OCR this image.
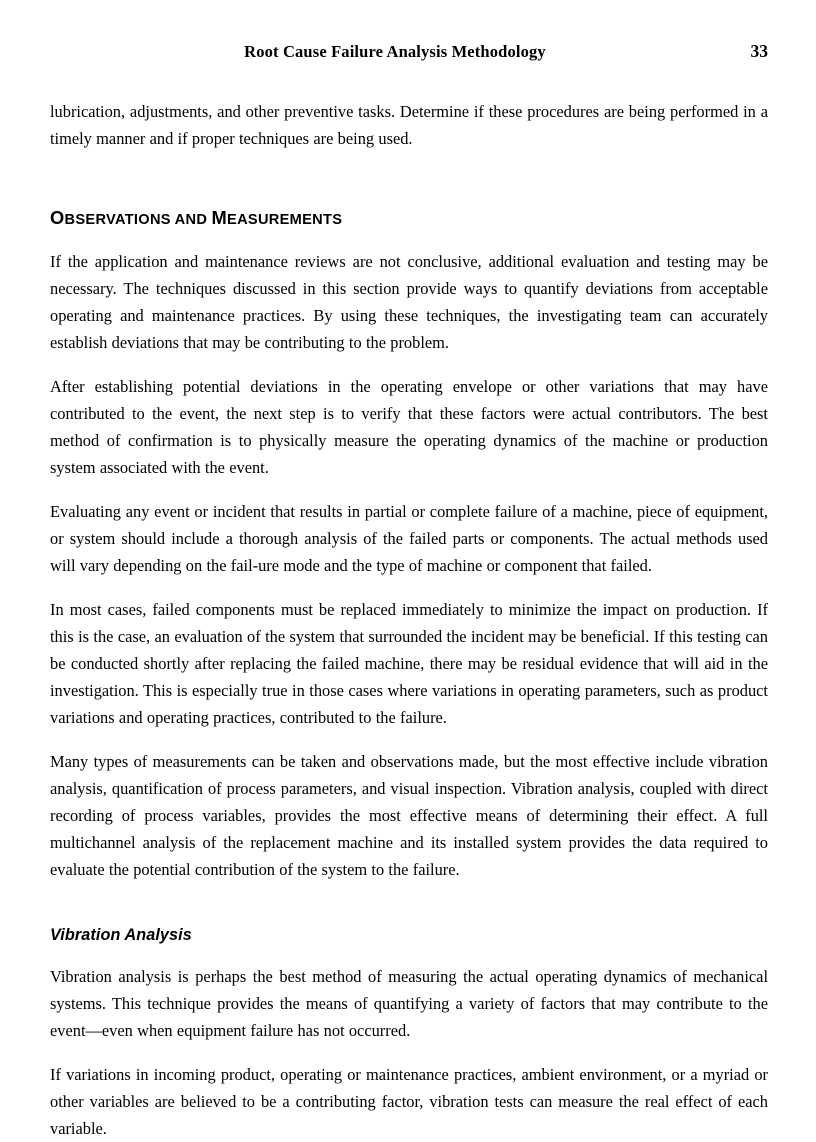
Root Cause Failure Analysis Methodology	33

lubrication, adjustments, and other preventive tasks. Determine if these procedures are being performed in a timely manner and if proper techniques are being used.

OBSERVATIONS AND MEASUREMENTS

If the application and maintenance reviews are not conclusive, additional evaluation and testing may be necessary. The techniques discussed in this section provide ways to quantify deviations from acceptable operating and maintenance practices. By using these techniques, the investigating team can accurately establish deviations that may be contributing to the problem.

After establishing potential deviations in the operating envelope or other variations that may have contributed to the event, the next step is to verify that these factors were actual contributors. The best method of confirmation is to physically measure the operating dynamics of the machine or production system associated with the event.

Evaluating any event or incident that results in partial or complete failure of a machine, piece of equipment, or system should include a thorough analysis of the failed parts or components. The actual methods used will vary depending on the fail-ure mode and the type of machine or component that failed.

In most cases, failed components must be replaced immediately to minimize the impact on production. If this is the case, an evaluation of the system that surrounded the incident may be beneficial. If this testing can be conducted shortly after replacing the failed machine, there may be residual evidence that will aid in the investigation. This is especially true in those cases where variations in operating parameters, such as product variations and operating practices, contributed to the failure.

Many types of measurements can be taken and observations made, but the most effective include vibration analysis, quantification of process parameters, and visual inspection. Vibration analysis, coupled with direct recording of process variables, provides the most effective means of determining their effect. A full multichannel analysis of the replacement machine and its installed system provides the data required to evaluate the potential contribution of the system to the failure.

Vibration Analysis

Vibration analysis is perhaps the best method of measuring the actual operating dynamics of mechanical systems. This technique provides the means of quantifying a variety of factors that may contribute to the event—even when equipment failure has not occurred.

If variations in incoming product, operating or maintenance practices, ambient environment, or a myriad or other variables are believed to be a contributing factor, vibration tests can measure the real effect of each variable.
